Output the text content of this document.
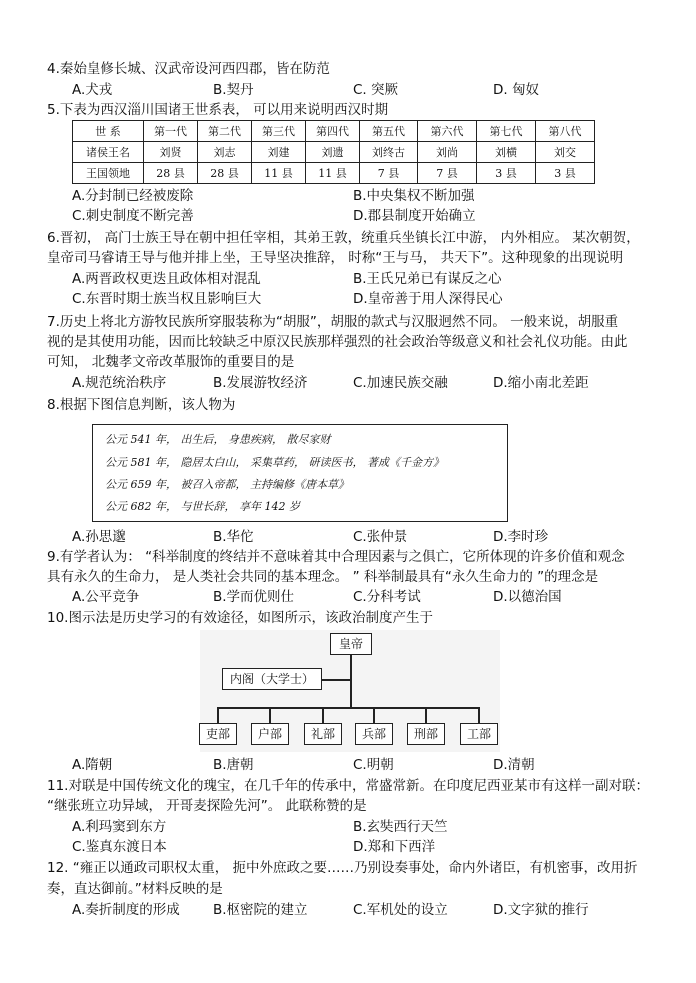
4.秦始皇修长城、汉武帝设河西四郡，皆在防范
A.犬戎	B.契丹	C. 突厥	D. 匈奴
5.下表为西汉淄川国诸王世系表， 可以用来说明西汉时期
世 系	第一代	第二代	第三代	第四代	第五代	第六代	第七代	第八代
诸侯王名	刘贤	刘志	刘建	刘遗	刘终古	刘尚	刘横	刘交
王国领地	28 县	28 县	11 县	11 县	7 县	7 县	3 县	3 县
A.分封制已经被废除	B.中央集权不断加强
C.刺史制度不断完善	D.郡县制度开始确立
6.晋初， 高门士族王导在朝中担任宰相，其弟王敦，统重兵坐镇长江中游， 内外相应。 某次朝贺，
皇帝司马睿请王导与他并排上坐，王导坚决推辞， 时称“王与马， 共天下”。这种现象的出现说明
A.两晋政权更迭且政体相对混乱	B.王氏兄弟已有谋反之心
C.东晋时期士族当权且影响巨大	D.皇帝善于用人深得民心
7.历史上将北方游牧民族所穿服装称为“胡服”，胡服的款式与汉服迥然不同。 一般来说，胡服重
视的是其使用功能，因而比较缺乏中原汉民族那样强烈的社会政治等级意义和社会礼仪功能。由此
可知， 北魏孝文帝改革服饰的重要目的是
A.规范统治秩序	B.发展游牧经济	C.加速民族交融	D.缩小南北差距
8.根据下图信息判断，该人物为
公元 541 年， 出生后， 身患疾病， 散尽家财
公元 581 年， 隐居太白山， 采集草药， 研读医书， 著成《千金方》
公元 659 年， 被召入帝都， 主持编修《唐本草》
公元 682 年， 与世长辞， 享年 142 岁
A.孙思邈	B.华佗	C.张仲景	D.李时珍
9.有学者认为： “科举制度的终结并不意味着其中合理因素与之俱亡，它所体现的许多价值和观念
具有永久的生命力， 是人类社会共同的基本理念。 ” 科举制最具有“永久生命力的 ”的理念是
A.公平竞争	B.学而优则仕	C.分科考试	D.以德治国
10.图示法是历史学习的有效途径，如图所示，该政治制度产生于
皇帝
内阁（大学士）
吏部	户部	礼部	兵部	刑部	工部
A.隋朝	B.唐朝	C.明朝	D.清朝
11.对联是中国传统文化的瑰宝，在几千年的传承中，常盛常新。在印度尼西亚某市有这样一副对联：
“继张班立功异域， 开哥麦探险先河”。 此联称赞的是
A.利玛窦到东方	B.玄奘西行天竺
C.鉴真东渡日本	D.郑和下西洋
12. “雍正以通政司职权太重， 扼中外庶政之要……乃别设奏事处，命内外诸臣，有机密事，改用折
奏，直达御前。”材料反映的是
A.奏折制度的形成 B.枢密院的建立	C.军机处的设立	D.文字狱的推行
